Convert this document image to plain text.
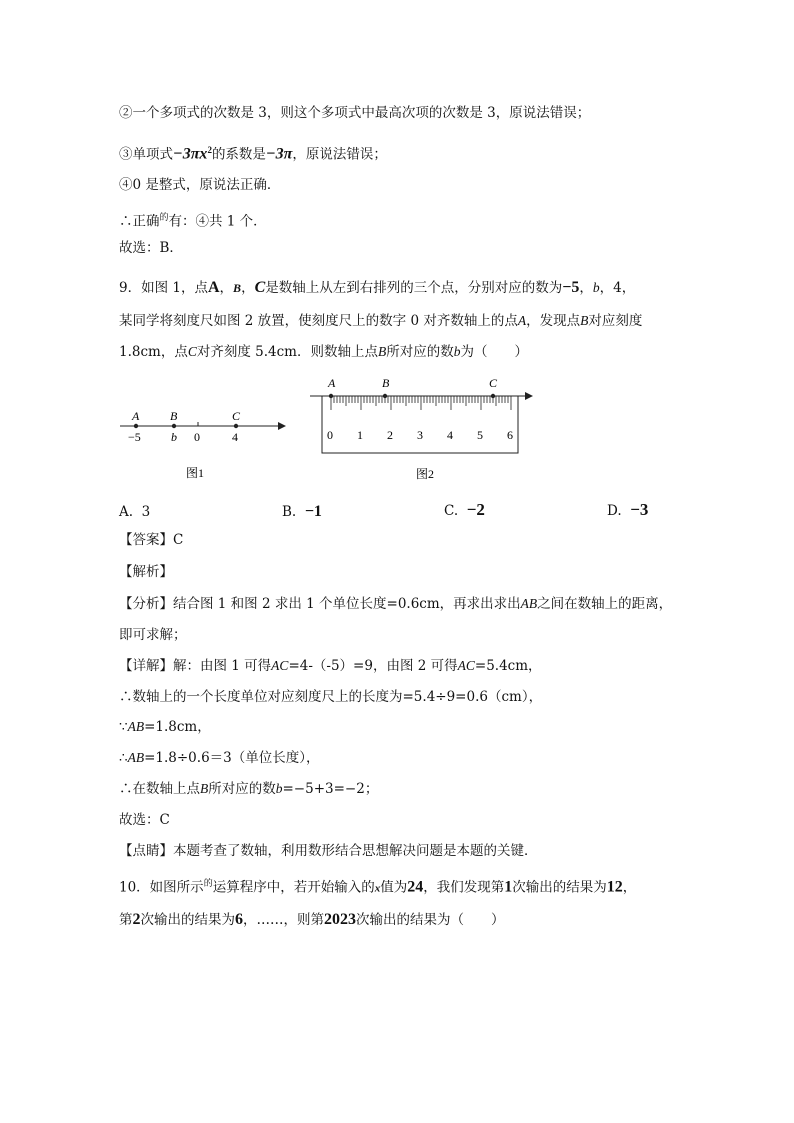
②一个多项式的次数是 3，则这个多项式中最高次项的次数是 3，原说法错误；
③单项式$-3\pi x^2$的系数是−3π，原说法错误；
④0 是整式，原说法正确．
∴正确$^的$有：④共 1 个．
故选：B．
9．如图 1，点A，B，C是数轴上从左到右排列的三个点，分别对应的数为−5，b，4，
某同学将刻度尺如图 2 放置，使刻度尺上的数字 0 对齐数轴上的点A，发现点B对应刻度
1.8cm，点C对齐刻度 5.4cm．则数轴上点B所对应的数b为（　　）
A	B	C
−5	b 0	4
图1
A	B	C
0 1 2 3 4 5 6
图2
A. 3	B. −1	C. −2	D. −3
【答案】C
【解析】
【分析】结合图 1 和图 2 求出 1 个单位长度=0.6cm，再求出求出AB之间在数轴上的距离，
即可求解；
【详解】解：由图 1 可得AC=4-（-5）=9，由图 2 可得AC=5.4cm，
∴数轴上的一个长度单位对应刻度尺上的长度为=5.4÷9=0.6（cm），
∵AB=1.8cm，
∴AB=1.8÷0.6＝3（单位长度），
∴在数轴上点B所对应的数b=−5+3=−2；
故选：C
【点睛】本题考查了数轴，利用数形结合思想解决问题是本题的关键．
10．如图所示$^的$运算程序中，若开始输入的x值为24，我们发现第1次输出的结果为12，
第2次输出的结果为6，……，则第2023次输出的结果为（　　）
